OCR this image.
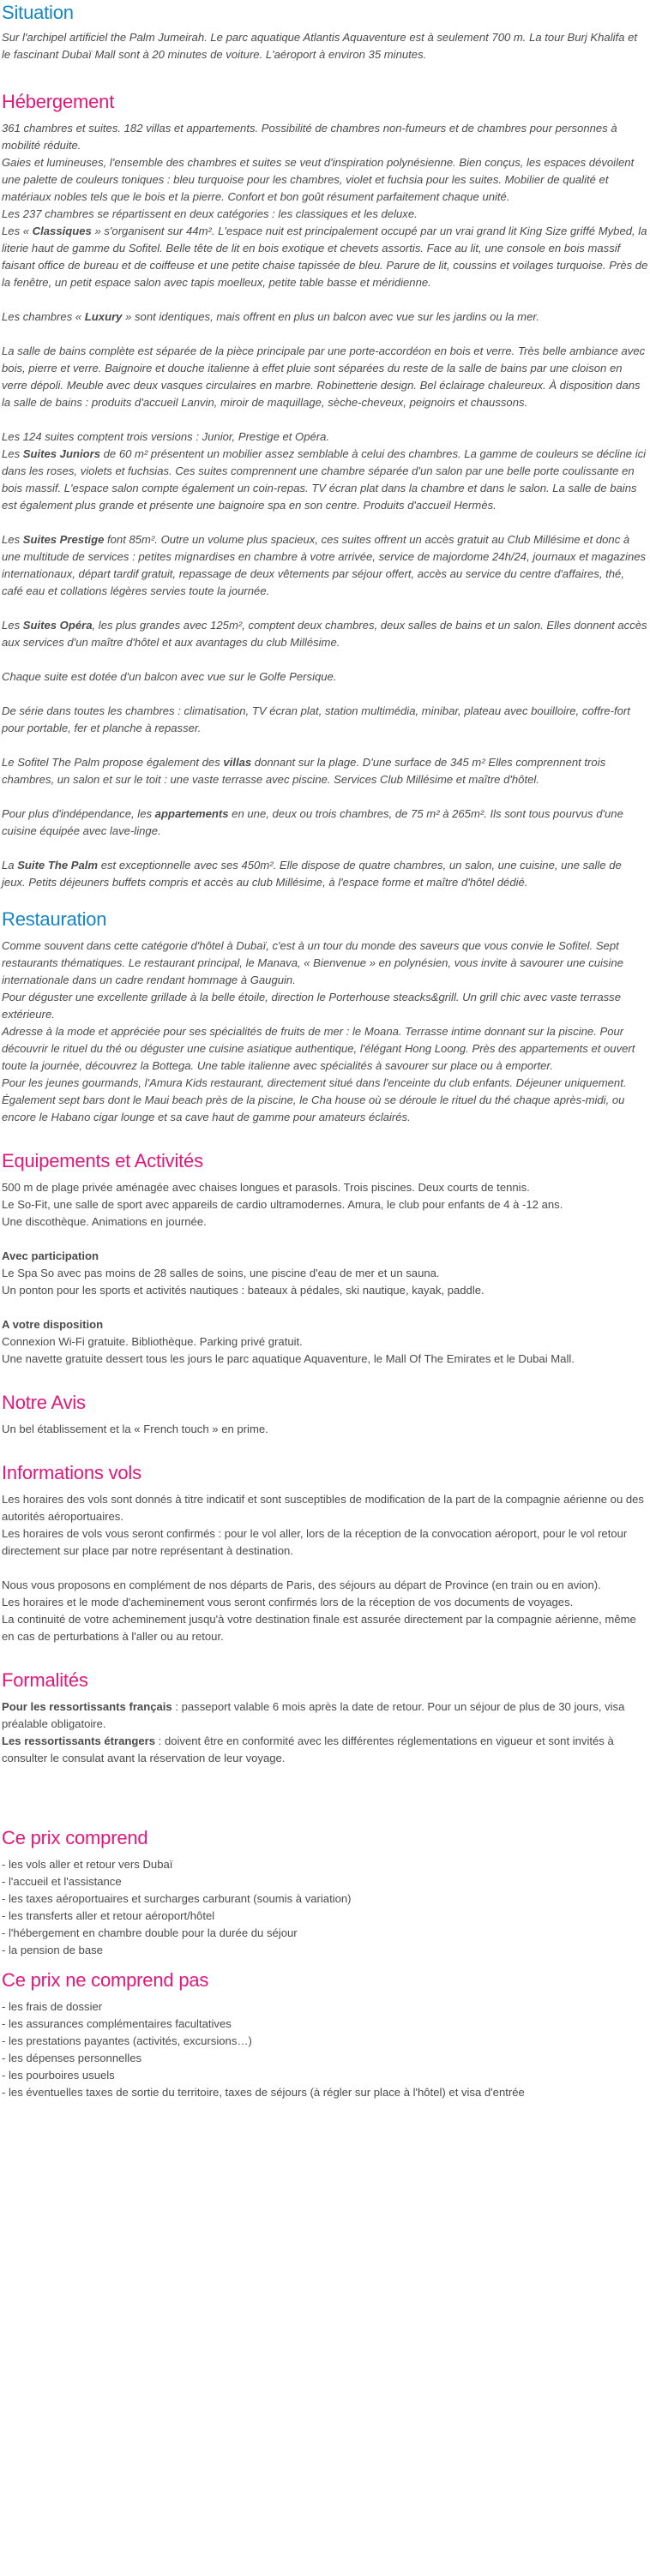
Situation

Sur l'archipel artificiel the Palm Jumeirah. Le parc aquatique Atlantis Aquaventure est à seulement 700 m. La tour Burj Khalifa et le fascinant Dubaï Mall sont à 20 minutes de voiture. L'aéroport à environ 35 minutes.

Hébergement

361 chambres et suites. 182 villas et appartements. Possibilité de chambres non-fumeurs et de chambres pour personnes à mobilité réduite.

Gaies et lumineuses, l'ensemble des chambres et suites se veut d'inspiration polynésienne. Bien conçus, les espaces dévoilent une palette de couleurs toniques : bleu turquoise pour les chambres, violet et fuchsia pour les suites. Mobilier de qualité et matériaux nobles tels que le bois et la pierre. Confort et bon goût résument parfaitement chaque unité.

Les 237 chambres se répartissent en deux catégories : les classiques et les deluxe.

Les « Classiques » s'organisent sur 44m². L'espace nuit est principalement occupé par un vrai grand lit King Size griffé Mybed, la literie haut de gamme du Sofitel. Belle tête de lit en bois exotique et chevets assortis. Face au lit, une console en bois massif faisant office de bureau et de coiffeuse et une petite chaise tapissée de bleu. Parure de lit, coussins et voilages turquoise. Près de la fenêtre, un petit espace salon avec tapis moelleux, petite table basse et méridienne.

Les chambres « Luxury » sont identiques, mais offrent en plus un balcon avec vue sur les jardins ou la mer.

La salle de bains complète est séparée de la pièce principale par une porte-accordéon en bois et verre. Très belle ambiance avec bois, pierre et verre. Baignoire et douche italienne à effet pluie sont séparées du reste de la salle de bains par une cloison en verre dépoli. Meuble avec deux vasques circulaires en marbre. Robinetterie design. Bel éclairage chaleureux. À disposition dans la salle de bains : produits d'accueil Lanvin, miroir de maquillage, sèche-cheveux, peignoirs et chaussons.

Les 124 suites comptent trois versions : Junior, Prestige et Opéra.

Les Suites Juniors de 60 m² présentent un mobilier assez semblable à celui des chambres. La gamme de couleurs se décline ici dans les roses, violets et fuchsias. Ces suites comprennent une chambre séparée d'un salon par une belle porte coulissante en bois massif. L'espace salon compte également un coin-repas. TV écran plat dans la chambre et dans le salon. La salle de bains est également plus grande et présente une baignoire spa en son centre. Produits d'accueil Hermès.

Les Suites Prestige font 85m². Outre un volume plus spacieux, ces suites offrent un accès gratuit au Club Millésime et donc à une multitude de services : petites mignardises en chambre à votre arrivée, service de majordome 24h/24, journaux et magazines internationaux, départ tardif gratuit, repassage de deux vêtements par séjour offert, accès au service du centre d'affaires, thé, café eau et collations légères servies toute la journée.

Les Suites Opéra, les plus grandes avec 125m², comptent deux chambres, deux salles de bains et un salon. Elles donnent accès aux services d'un maître d'hôtel et aux avantages du club Millésime.

Chaque suite est dotée d'un balcon avec vue sur le Golfe Persique.

De série dans toutes les chambres : climatisation, TV écran plat, station multimédia, minibar, plateau avec bouilloire, coffre-fort pour portable, fer et planche à repasser.

Le Sofitel The Palm propose également des villas donnant sur la plage. D'une surface de 345 m² Elles comprennent trois chambres, un salon et sur le toit : une vaste terrasse avec piscine. Services Club Millésime et maître d'hôtel.

Pour plus d'indépendance, les appartements en une, deux ou trois chambres, de 75 m² à 265m². Ils sont tous pourvus d'une cuisine équipée avec lave-linge.

La Suite The Palm est exceptionnelle avec ses 450m². Elle dispose de quatre chambres, un salon, une cuisine, une salle de jeux. Petits déjeuners buffets compris et accès au club Millésime, à l'espace forme et maître d'hôtel dédié.

Restauration

Comme souvent dans cette catégorie d'hôtel à Dubaï, c'est à un tour du monde des saveurs que vous convie le Sofitel. Sept restaurants thématiques. Le restaurant principal, le Manava, « Bienvenue » en polynésien, vous invite à savourer une cuisine internationale dans un cadre rendant hommage à Gauguin.

Pour déguster une excellente grillade à la belle étoile, direction le Porterhouse steacks&grill. Un grill chic avec vaste terrasse extérieure.

Adresse à la mode et appréciée pour ses spécialités de fruits de mer : le Moana. Terrasse intime donnant sur la piscine. Pour découvrir le rituel du thé ou déguster une cuisine asiatique authentique, l'élégant Hong Loong. Près des appartements et ouvert toute la journée, découvrez la Bottega. Une table italienne avec spécialités à savourer sur place ou à emporter.

Pour les jeunes gourmands, l'Amura Kids restaurant, directement situé dans l'enceinte du club enfants. Déjeuner uniquement.

Également sept bars dont le Maui beach près de la piscine, le Cha house où se déroule le rituel du thé chaque après-midi, ou encore le Habano cigar lounge et sa cave haut de gamme pour amateurs éclairés.

Equipements et Activités

500 m de plage privée aménagée avec chaises longues et parasols. Trois piscines. Deux courts de tennis.

Le So-Fit, une salle de sport avec appareils de cardio ultramodernes. Amura, le club pour enfants de 4 à -12 ans.

Une discothèque. Animations en journée.

Avec participation

Le Spa So avec pas moins de 28 salles de soins, une piscine d'eau de mer et un sauna.

Un ponton pour les sports et activités nautiques : bateaux à pédales, ski nautique, kayak, paddle.

A votre disposition

Connexion Wi-Fi gratuite. Bibliothèque. Parking privé gratuit.

Une navette gratuite dessert tous les jours le parc aquatique Aquaventure, le Mall Of The Emirates et le Dubai Mall.

Notre Avis

Un bel établissement et la « French touch » en prime.

Informations vols

Les horaires des vols sont donnés à titre indicatif et sont susceptibles de modification de la part de la compagnie aérienne ou des autorités aéroportuaires.

Les horaires de vols vous seront confirmés : pour le vol aller, lors de la réception de la convocation aéroport, pour le vol retour directement sur place par notre représentant à destination.

Nous vous proposons en complément de nos départs de Paris, des séjours au départ de Province (en train ou en avion).

Les horaires et le mode d'acheminement vous seront confirmés lors de la réception de vos documents de voyages.

La continuité de votre acheminement jusqu'à votre destination finale est assurée directement par la compagnie aérienne, même en cas de perturbations à l'aller ou au retour.

Formalités

Pour les ressortissants français : passeport valable 6 mois après la date de retour. Pour un séjour de plus de 30 jours, visa préalable obligatoire.

Les ressortissants étrangers : doivent être en conformité avec les différentes réglementations en vigueur et sont invités à consulter le consulat avant la réservation de leur voyage.

Ce prix comprend
- les vols aller et retour vers Dubaï
- l'accueil et l'assistance
- les taxes aéroportuaires et surcharges carburant (soumis à variation)
- les transferts aller et retour aéroport/hôtel
- l'hébergement en chambre double pour la durée du séjour
- la pension de base
Ce prix ne comprend pas
- les frais de dossier
- les assurances complémentaires facultatives
- les prestations payantes (activités, excursions…)
- les dépenses personnelles
- les pourboires usuels
- les éventuelles taxes de sortie du territoire, taxes de séjours (à régler sur place à l'hôtel) et visa d'entrée
